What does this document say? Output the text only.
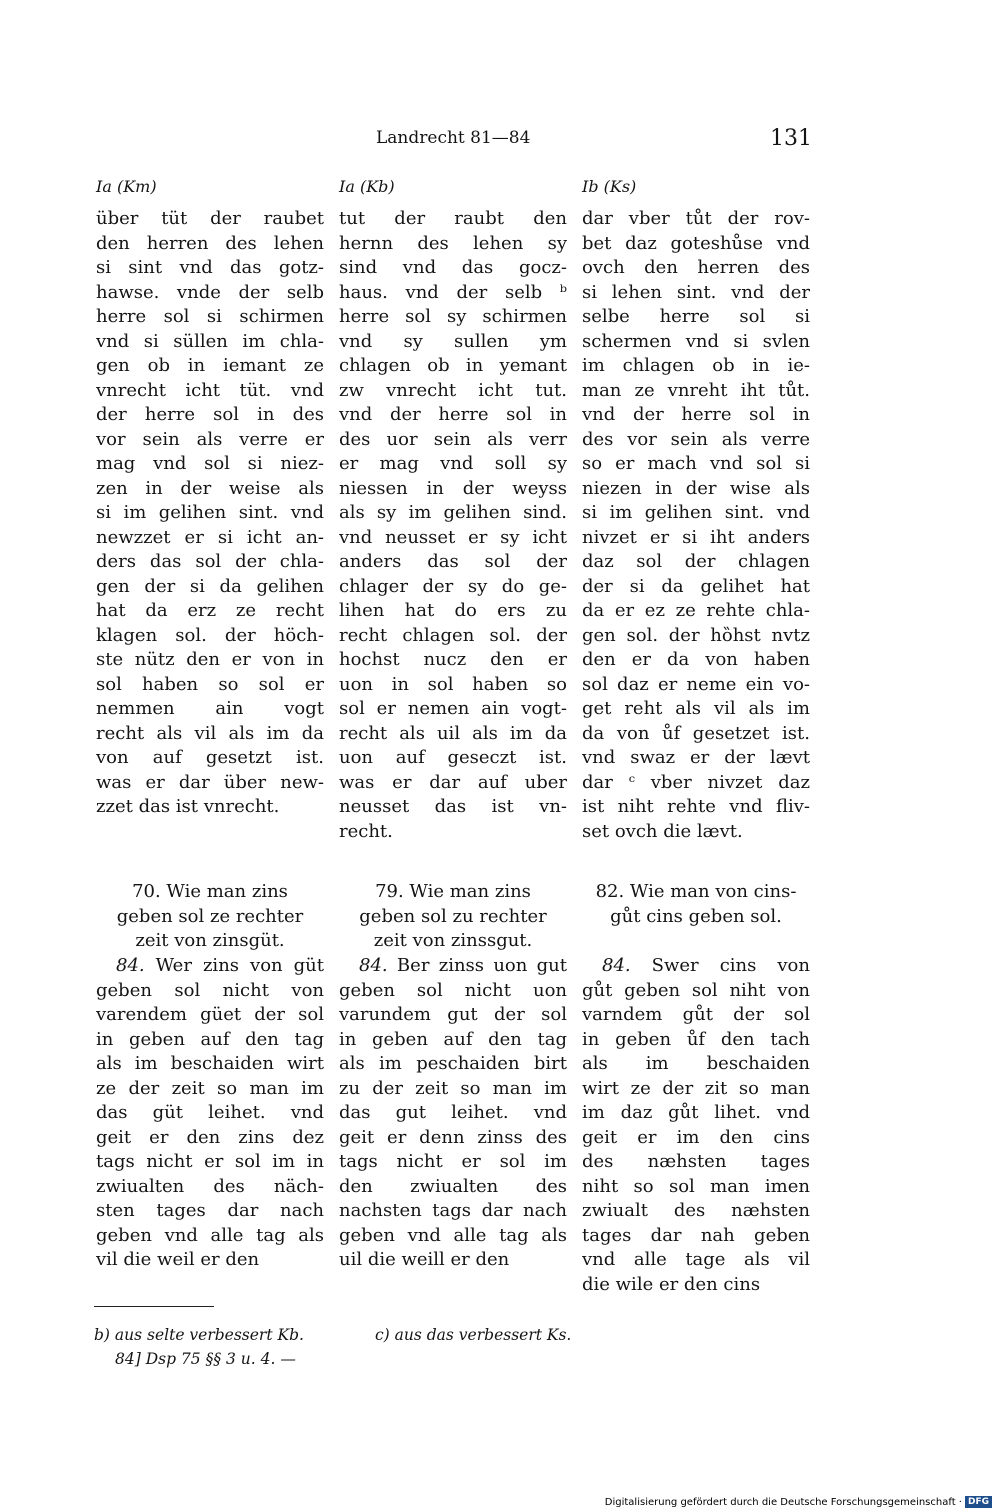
Landrecht 81—84	131
Ia (Km)	Ia (Kb)	Ib (Ks)
über tüt der raubet
den herren des lehen
si sint vnd das gotz-
hawse. vnde der selb
herre sol si schirmen
vnd si süllen im chla-
gen ob in iemant ze
vnrecht icht tüt. vnd
der herre sol in des
vor sein als verre er
mag vnd sol si niez-
zen in der weise als
si im gelihen sint. vnd
newzzet er si icht an-
ders das sol der chla-
gen der si da gelihen
hat da erz ze recht
klagen sol. der höch-
ste nütz den er von in
sol haben so sol er
nemmen ain vogt
recht als vil als im da
von auf gesetzt ist.
was er dar über new-
zzet das ist vnrecht.
tut der raubt den
hernn des lehen sy
sind vnd das gocz-
haus. vnd der selb ᵇ
herre sol sy schirmen
vnd sy sullen ym
chlagen ob in yemant
zw vnrecht icht tut.
vnd der herre sol in
des uor sein als verr
er mag vnd soll sy
niessen in der weyss
als sy im gelihen sind.
vnd neusset er sy icht
anders das sol der
chlager der sy do ge-
lihen hat do ers zu
recht chlagen sol. der
hochst nucz den er
uon in sol haben so
sol er nemen ain vogt-
recht als uil als im da
uon auf geseczt ist.
was er dar auf uber
neusset das ist vn-
recht.
dar vber tůt der rov-
bet daz goteshůse vnd
ovch den herren des
si lehen sint. vnd der
selbe herre sol si
schermen vnd si svlen
im chlagen ob in ie-
man ze vnreht iht tůt.
vnd der herre sol in
des vor sein als verre
so er mach vnd sol si
niezen in der wise als
si im gelihen sint. vnd
nivzet er si iht anders
daz sol der chlagen
der si da gelihet hat
da er ez ze rehte chla-
gen sol. der hȍhst nvtz
den er da von haben
sol daz er neme ein vo-
get reht als vil als im
da von ůf gesetzet ist.
vnd swaz er der lævt
dar ᶜ vber nivzet daz
ist niht rehte vnd fliv-
set ovch die lævt.
70. Wie man zins
geben sol ze rechter
zeit von zinsgüt.
79. Wie man zins
geben sol zu rechter
zeit von zinssgut.
82. Wie man von cins-
gůt cins geben sol.
84. Wer zins von güt
geben sol nicht von
varendem güet der sol
in geben auf den tag
als im beschaiden wirt
ze der zeit so man im
das güt leihet. vnd
geit er den zins dez
tags nicht er sol im in
zwiualten des näch-
sten tages dar nach
geben vnd alle tag als
vil die weil er den
84. Ber zinss uon gut
geben sol nicht uon
varundem gut der sol
in geben auf den tag
als im peschaiden birt
zu der zeit so man im
das gut leihet. vnd
geit er denn zinss des
tags nicht er sol im
den zwiualten des
nachsten tags dar nach
geben vnd alle tag als
uil die weill er den
84. Swer cins von
gůt geben sol niht von
varndem gůt der sol
in geben ůf den tach
als im beschaiden
wirt ze der zit so man
im daz gůt lihet. vnd
geit er im den cins
des næhsten tages
niht so sol man imen
zwiualt des næhsten
tages dar nah geben
vnd alle tage als vil
die wile er den cins
b) aus selte verbessert Kb.	c) aus das verbessert Ks.
84] Dsp 75 §§ 3 u. 4. —
Digitalisierung gefördert durch die Deutsche Forschungsgemeinschaft · DFG
